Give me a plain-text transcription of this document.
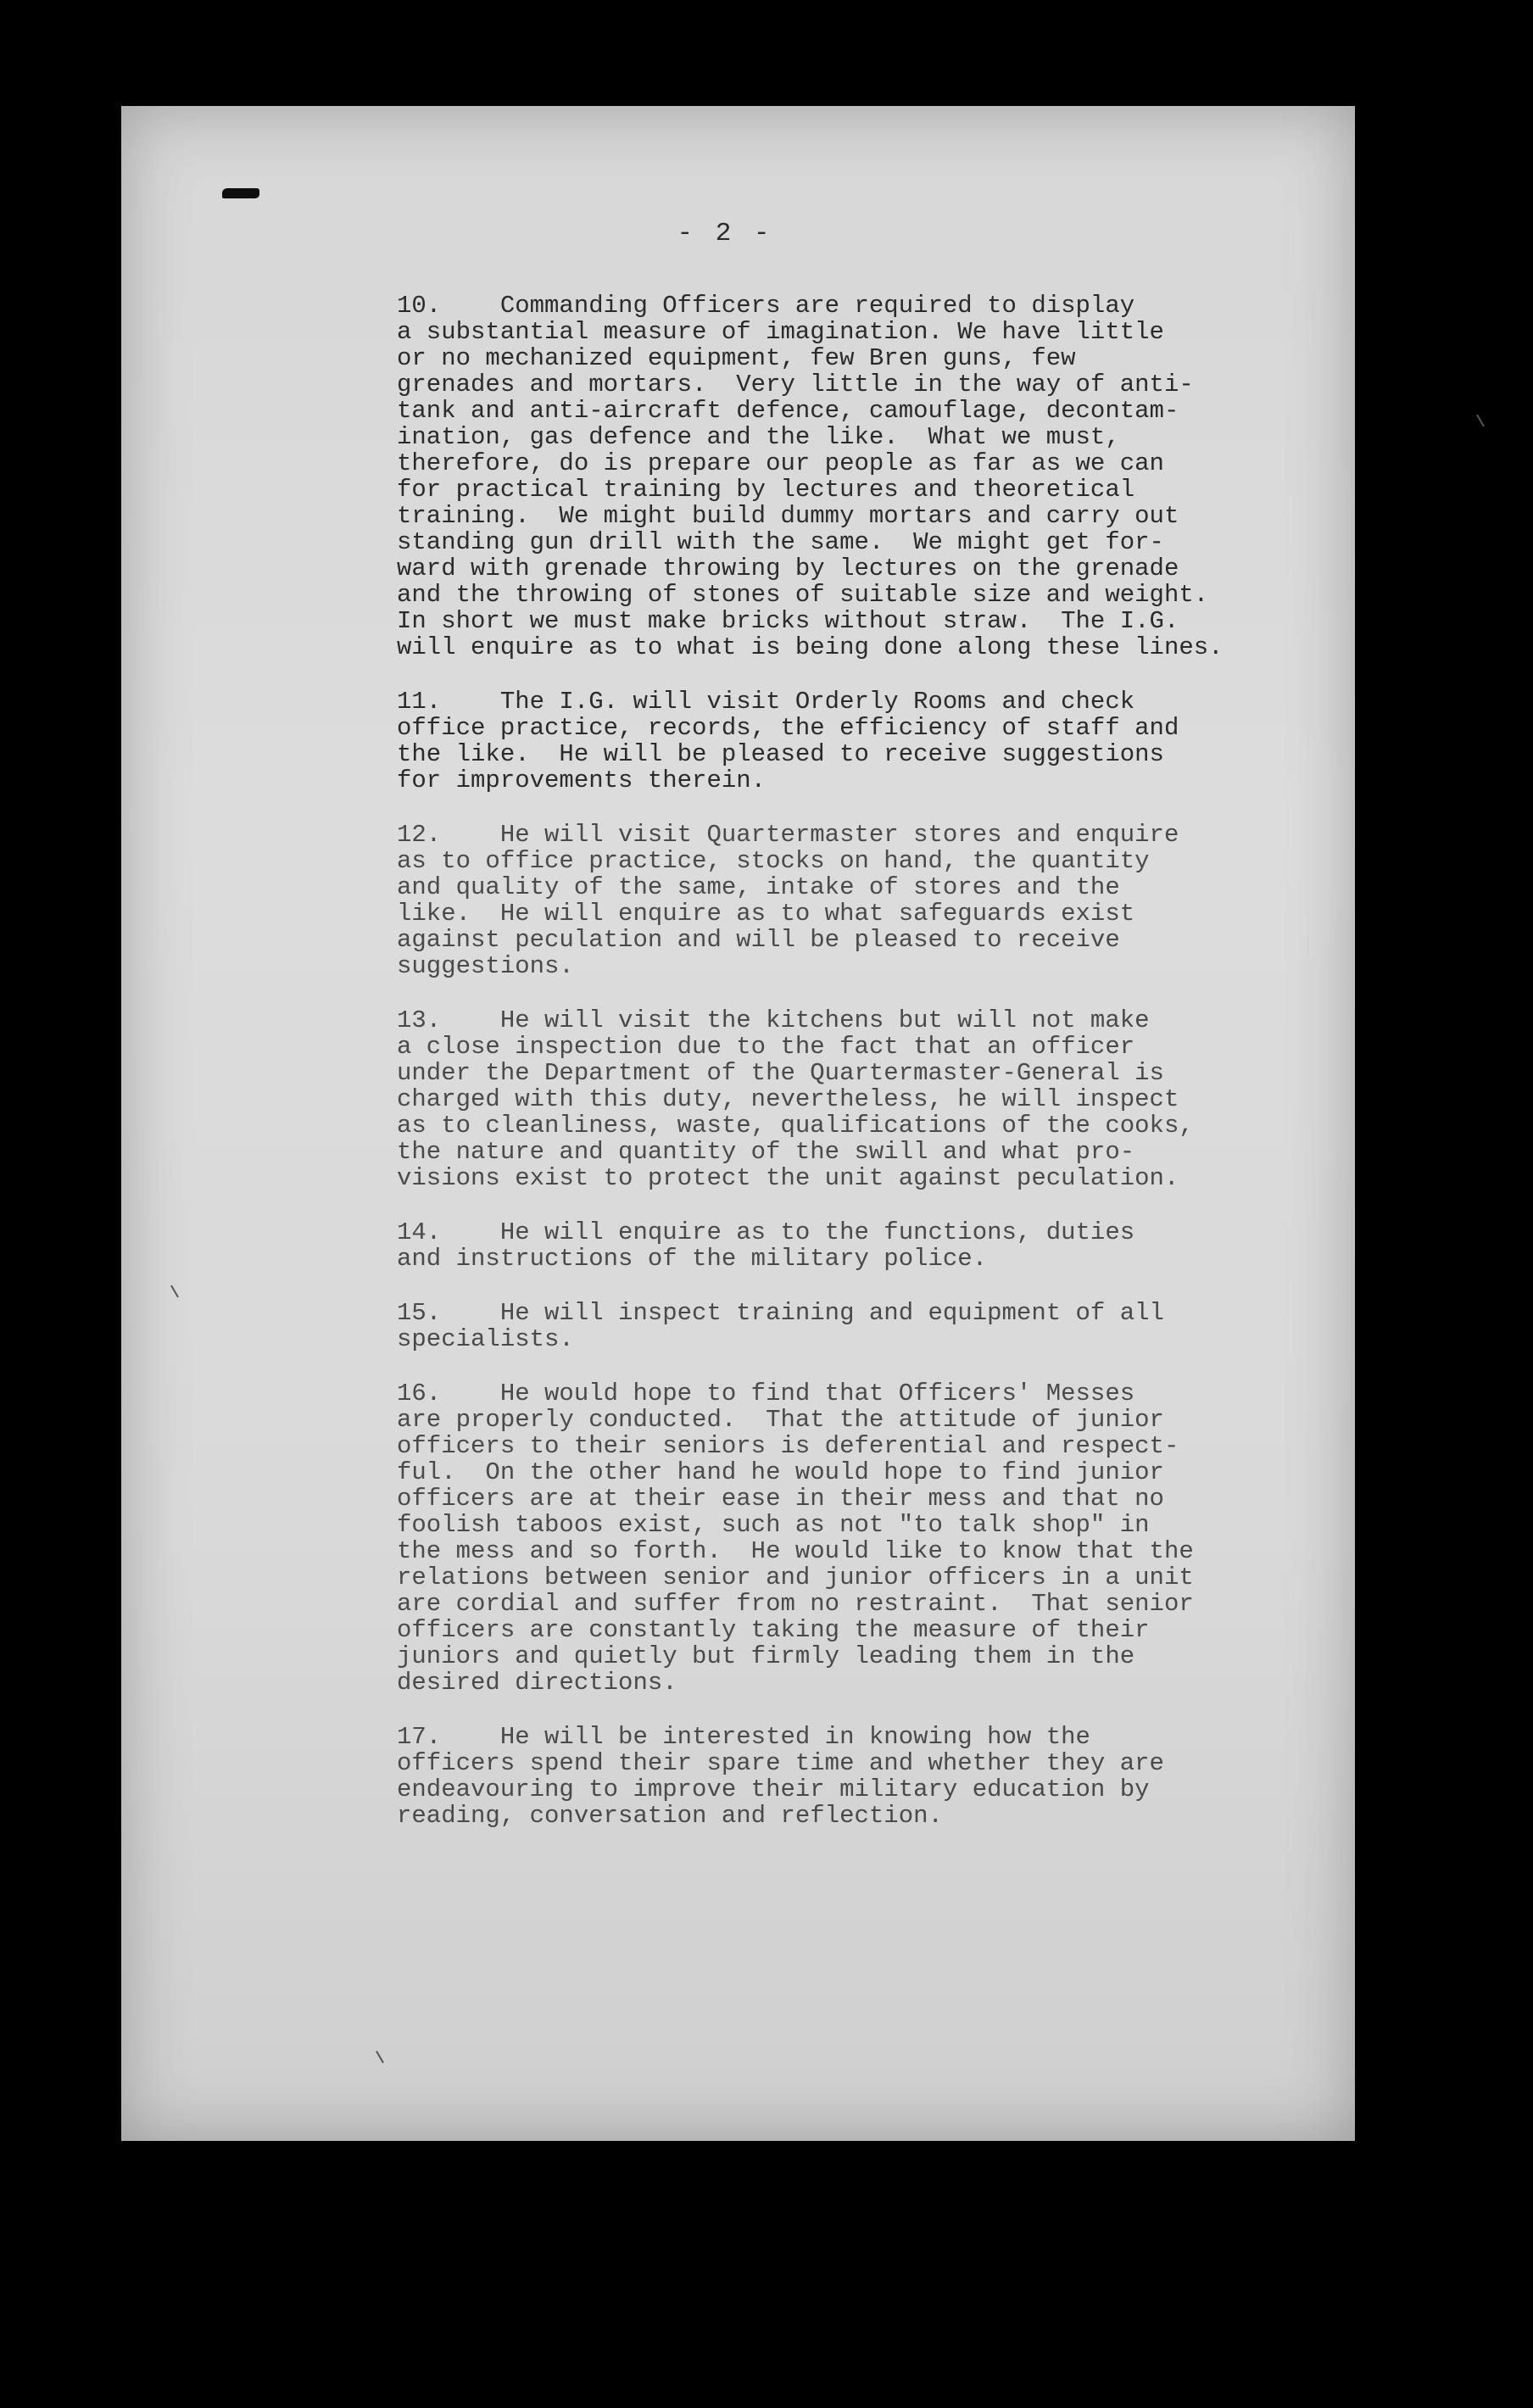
- 2 -
10.    Commanding Officers are required to display
a substantial measure of imagination. We have little
or no mechanized equipment, few Bren guns, few
grenades and mortars.  Very little in the way of anti-
tank and anti-aircraft defence, camouflage, decontam-
ination, gas defence and the like.  What we must,
therefore, do is prepare our people as far as we can
for practical training by lectures and theoretical
training.  We might build dummy mortars and carry out
standing gun drill with the same.  We might get for-
ward with grenade throwing by lectures on the grenade
and the throwing of stones of suitable size and weight.
In short we must make bricks without straw.  The I.G.
will enquire as to what is being done along these lines.
11.    The I.G. will visit Orderly Rooms and check
office practice, records, the efficiency of staff and
the like.  He will be pleased to receive suggestions
for improvements therein.
12.    He will visit Quartermaster stores and enquire
as to office practice, stocks on hand, the quantity
and quality of the same, intake of stores and the
like.  He will enquire as to what safeguards exist
against peculation and will be pleased to receive
suggestions.
13.    He will visit the kitchens but will not make
a close inspection due to the fact that an officer
under the Department of the Quartermaster-General is
charged with this duty, nevertheless, he will inspect
as to cleanliness, waste, qualifications of the cooks,
the nature and quantity of the swill and what pro-
visions exist to protect the unit against peculation.
14.    He will enquire as to the functions, duties
and instructions of the military police.
15.    He will inspect training and equipment of all
specialists.
16.    He would hope to find that Officers' Messes
are properly conducted.  That the attitude of junior
officers to their seniors is deferential and respect-
ful.  On the other hand he would hope to find junior
officers are at their ease in their mess and that no
foolish taboos exist, such as not "to talk shop" in
the mess and so forth.  He would like to know that the
relations between senior and junior officers in a unit
are cordial and suffer from no restraint.  That senior
officers are constantly taking the measure of their
juniors and quietly but firmly leading them in the
desired directions.
17.    He will be interested in knowing how the
officers spend their spare time and whether they are
endeavouring to improve their military education by
reading, conversation and reflection.
